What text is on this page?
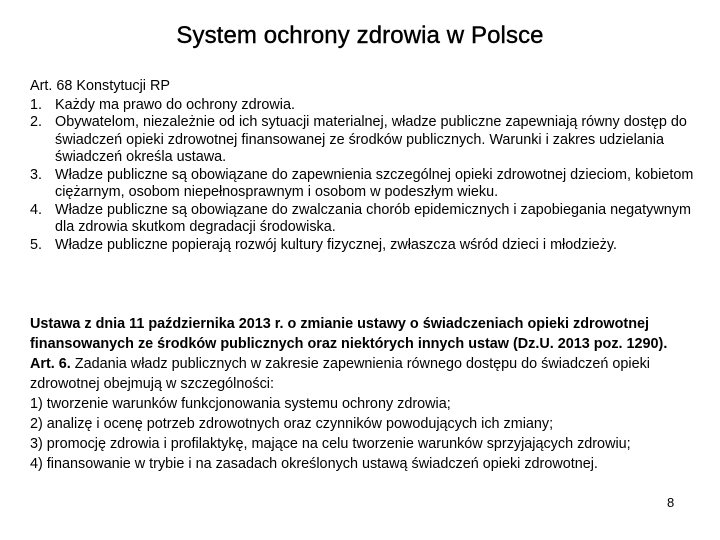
System ochrony zdrowia w Polsce
Art. 68 Konstytucji RP
1. Każdy ma prawo do ochrony zdrowia.
2. Obywatelom, niezależnie od ich sytuacji materialnej, władze publiczne zapewniają równy dostęp do świadczeń opieki zdrowotnej finansowanej ze środków publicznych. Warunki i zakres udzielania świadczeń określa ustawa.
3. Władze publiczne są obowiązane do zapewnienia szczególnej opieki zdrowotnej dzieciom, kobietom ciężarnym, osobom niepełnosprawnym i osobom w podeszłym wieku.
4. Władze publiczne są obowiązane do zwalczania chorób epidemicznych i zapobiegania negatywnym dla zdrowia skutkom degradacji środowiska.
5. Władze publiczne popierają rozwój kultury fizycznej, zwłaszcza wśród dzieci i młodzieży.

Ustawa z dnia 11 października 2013 r. o zmianie ustawy o świadczeniach opieki zdrowotnej finansowanych ze środków publicznych oraz niektórych innych ustaw (Dz.U. 2013 poz. 1290).

Art. 6. Zadania władz publicznych w zakresie zapewnienia równego dostępu do świadczeń opieki zdrowotnej obejmują w szczególności:

1) tworzenie warunków funkcjonowania systemu ochrony zdrowia;

2) analizę i ocenę potrzeb zdrowotnych oraz czynników powodujących ich zmiany;

3) promocję zdrowia i profilaktykę, mające na celu tworzenie warunków sprzyjających zdrowiu;

4) finansowanie w trybie i na zasadach określonych ustawą świadczeń opieki zdrowotnej.

8
